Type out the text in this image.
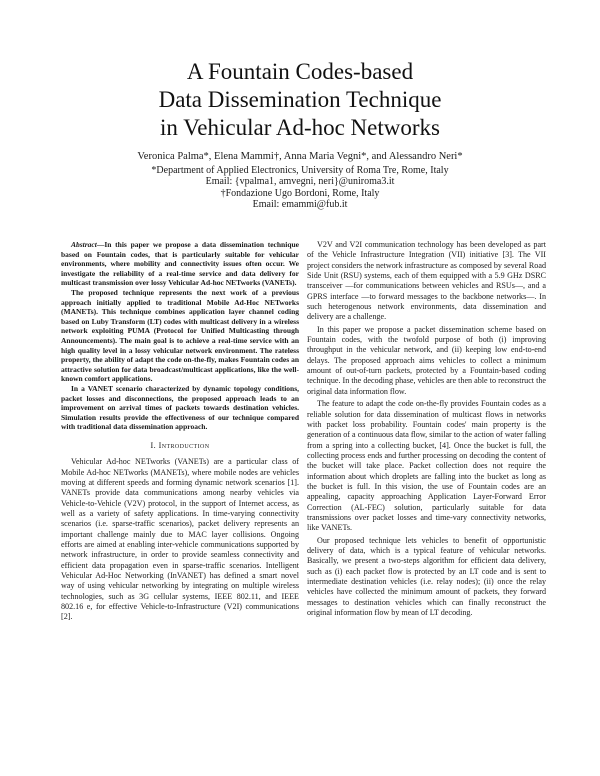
A Fountain Codes-based
Data Dissemination Technique
in Vehicular Ad-hoc Networks
Veronica Palma*, Elena Mammi†, Anna Maria Vegni*, and Alessandro Neri*
*Department of Applied Electronics, University of Roma Tre, Rome, Italy
Email: {vpalma1, amvegni, neri}@uniroma3.it
†Fondazione Ugo Bordoni, Rome, Italy
Email: emammi@fub.it

Abstract—In this paper we propose a data dissemination technique based on Fountain codes, that is particularly suitable for vehicular environments, where mobility and connectivity issues often occur. We investigate the reliability of a real-time service and data delivery for multicast transmission over lossy Vehicular Ad-hoc NETworks (VANETs).

The proposed technique represents the next work of a previous approach initially applied to traditional Mobile Ad-Hoc NETworks (MANETs). This technique combines application layer channel coding based on Luby Transform (LT) codes with multicast delivery in a wireless network exploiting PUMA (Protocol for Unified Multicasting through Announcements). The main goal is to achieve a real-time service with an high quality level in a lossy vehicular network environment. The rateless property, the ability of adapt the code on-the-fly, makes Fountain codes an attractive solution for data broadcast/multicast applications, like the well-known comfort applications.

In a VANET scenario characterized by dynamic topology conditions, packet losses and disconnections, the proposed approach leads to an improvement on arrival times of packets towards destination vehicles. Simulation results provide the effectiveness of our technique compared with traditional data dissemination approach.

I. Introduction

Vehicular Ad-hoc NETworks (VANETs) are a particular class of Mobile Ad-hoc NETworks (MANETs), where mobile nodes are vehicles moving at different speeds and forming dynamic network scenarios [1]. VANETs provide data communications among nearby vehicles via Vehicle-to-Vehicle (V2V) protocol, in the support of Internet access, as well as a variety of safety applications. In time-varying connectivity scenarios (i.e. sparse-traffic scenarios), packet delivery represents an important challenge mainly due to MAC layer collisions. Ongoing efforts are aimed at enabling inter-vehicle communications supported by network infrastructure, in order to provide seamless connectivity and efficient data propagation even in sparse-traffic scenarios. Intelligent Vehicular Ad-Hoc Networking (InVANET) has defined a smart novel way of using vehicular networking by integrating on multiple wireless technologies, such as 3G cellular systems, IEEE 802.11, and IEEE 802.16 e, for effective Vehicle-to-Infrastructure (V2I) communications [2].

V2V and V2I communication technology has been developed as part of the Vehicle Infrastructure Integration (VII) initiative [3]. The VII project considers the network infrastructure as composed by several Road Side Unit (RSU) systems, each of them equipped with a 5.9 GHz DSRC transceiver —for communications between vehicles and RSUs—, and a GPRS interface —to forward messages to the backbone networks—. In such heterogenous network environments, data dissemination and delivery are a challenge.

In this paper we propose a packet dissemination scheme based on Fountain codes, with the twofold purpose of both (i) improving throughput in the vehicular network, and (ii) keeping low end-to-end delays. The proposed approach aims vehicles to collect a minimum amount of out-of-turn packets, protected by a Fountain-based coding technique. In the decoding phase, vehicles are then able to reconstruct the original data information flow.

The feature to adapt the code on-the-fly provides Fountain codes as a reliable solution for data dissemination of multicast flows in networks with packet loss probability. Fountain codes' main property is the generation of a continuous data flow, similar to the action of water falling from a spring into a collecting bucket, [4]. Once the bucket is full, the collecting process ends and further processing on decoding the content of the bucket will take place. Packet collection does not require the information about which droplets are falling into the bucket as long as the bucket is full. In this vision, the use of Fountain codes are an appealing, capacity approaching Application Layer-Forward Error Correction (AL-FEC) solution, particularly suitable for data transmissions over packet losses and time-vary connectivity networks, like VANETs.

Our proposed technique lets vehicles to benefit of opportunistic delivery of data, which is a typical feature of vehicular networks. Basically, we present a two-steps algorithm for efficient data delivery, such as (i) each packet flow is protected by an LT code and is sent to intermediate destination vehicles (i.e. relay nodes); (ii) once the relay vehicles have collected the minimum amount of packets, they forward messages to destination vehicles which can finally reconstruct the original information flow by mean of LT decoding.
